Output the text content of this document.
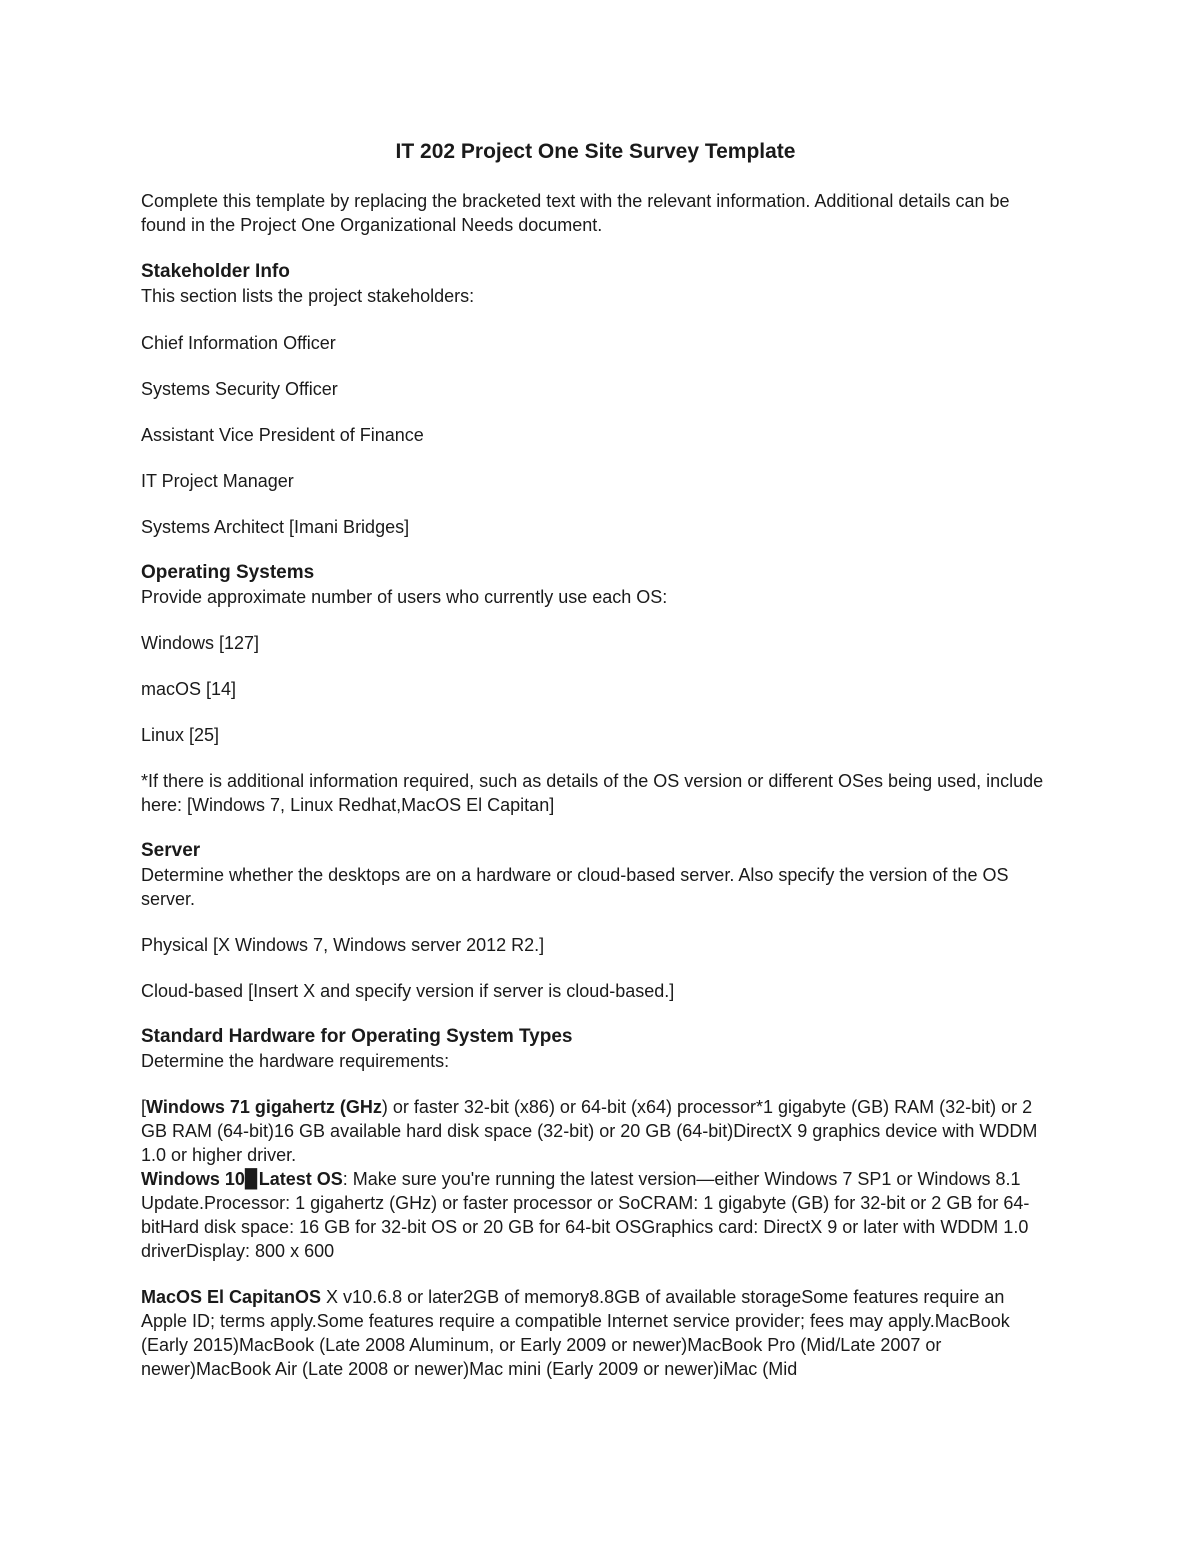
IT 202 Project One Site Survey Template

Complete this template by replacing the bracketed text with the relevant information. Additional details can be found in the Project One Organizational Needs document.

Stakeholder Info

This section lists the project stakeholders:

Chief Information Officer

Systems Security Officer

Assistant Vice President of Finance

IT Project Manager

Systems Architect [Imani Bridges]

Operating Systems

Provide approximate number of users who currently use each OS:

Windows [127]

macOS [14]

Linux [25]

*If there is additional information required, such as details of the OS version or different OSes being used, include here: [Windows 7, Linux Redhat,MacOS El Capitan]

Server

Determine whether the desktops are on a hardware or cloud-based server. Also specify the version of the OS server.

Physical [X Windows 7, Windows server 2012 R2.]

Cloud-based [Insert X and specify version if server is cloud-based.]

Standard Hardware for Operating System Types

Determine the hardware requirements:

[Windows 71 gigahertz (GHz) or faster 32-bit (x86) or 64-bit (x64) processor*1 gigabyte (GB) RAM (32-bit) or 2 GB RAM (64-bit)16 GB available hard disk space (32-bit) or 20 GB (64-bit)DirectX 9 graphics device with WDDM 1.0 or higher driver.

Windows 10▉Latest OS: Make sure you're running the latest version—either Windows 7 SP1 or Windows 8.1 Update.Processor: 1 gigahertz (GHz) or faster processor or SoCRAM: 1 gigabyte (GB) for 32-bit or 2 GB for 64-bitHard disk space: 16 GB for 32-bit OS or 20 GB for 64-bit OSGraphics card: DirectX 9 or later with WDDM 1.0 driverDisplay: 800 x 600

MacOS El CapitanOS X v10.6.8 or later2GB of memory8.8GB of available storageSome features require an Apple ID; terms apply.Some features require a compatible Internet service provider; fees may apply.MacBook (Early 2015)MacBook (Late 2008 Aluminum, or Early 2009 or newer)MacBook Pro (Mid/Late 2007 or newer)MacBook Air (Late 2008 or newer)Mac mini (Early 2009 or newer)iMac (Mid
